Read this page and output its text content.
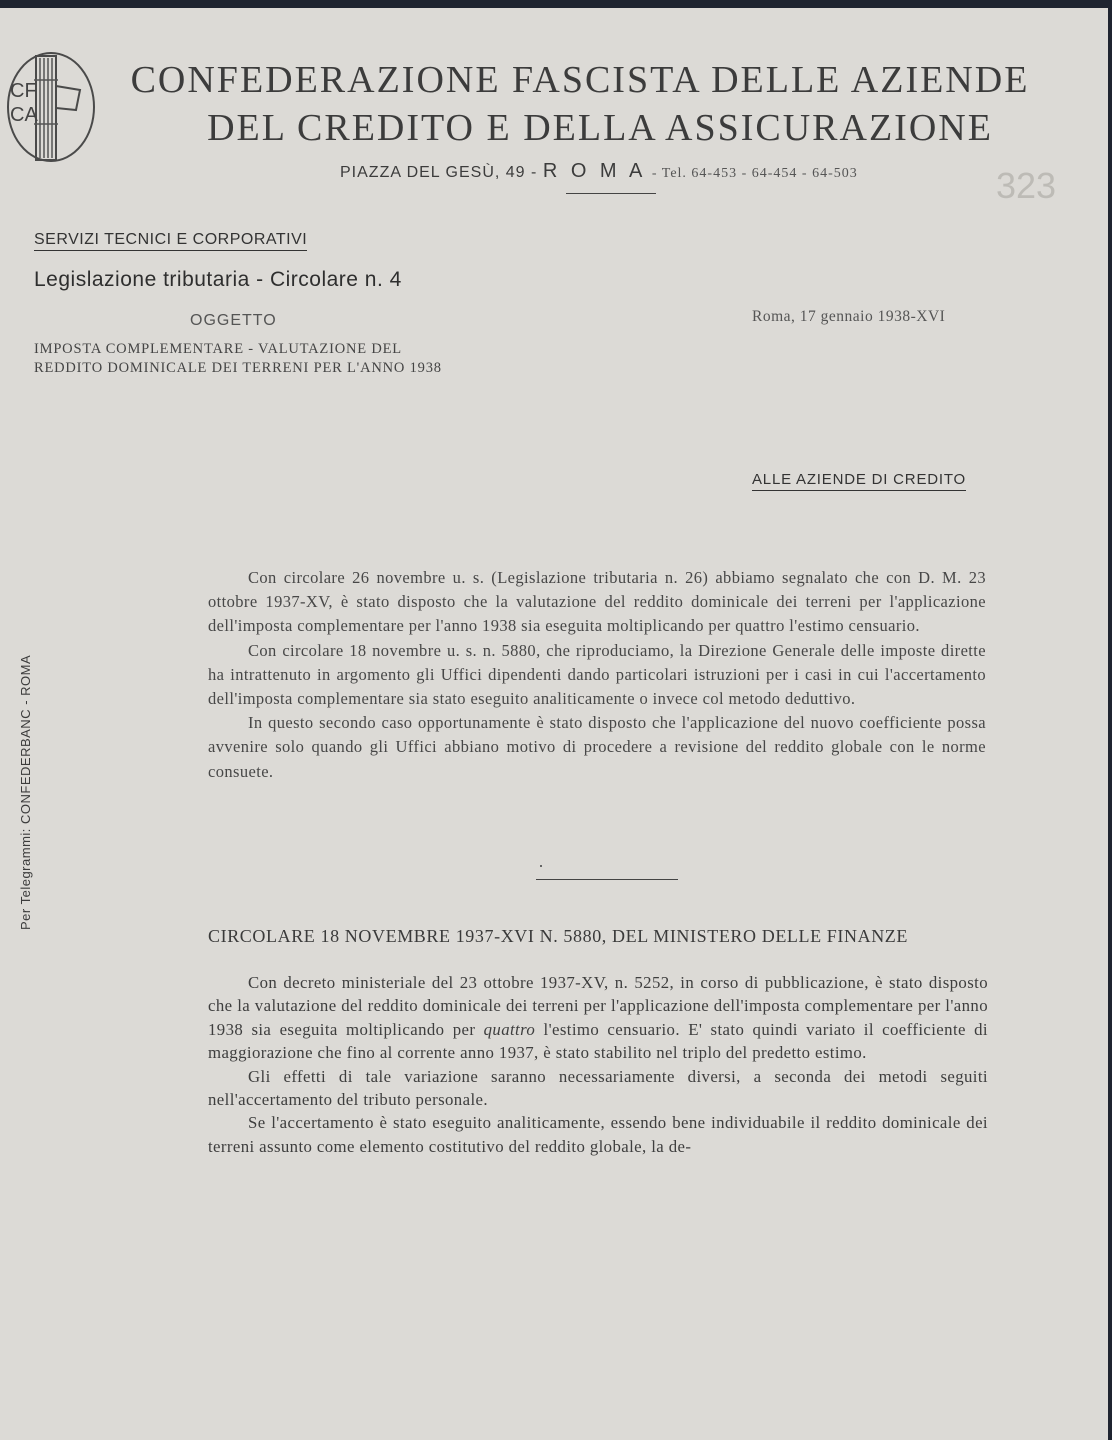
CF
CA
CONFEDERAZIONE FASCISTA DELLE AZIENDE
DEL CREDITO E DELLA ASSICURAZIONE
PIAZZA DEL GESÙ, 49 - R O M A - Tel. 64-453 - 64-454 - 64-503	323
SERVIZI TECNICI E CORPORATIVI
Legislazione tributaria - Circolare n. 4
OGGETTO
IMPOSTA COMPLEMENTARE - VALUTAZIONE DEL REDDITO DOMINICALE DEI TERRENI PER L'ANNO 1938
Roma, 17 gennaio 1938-XVI
ALLE AZIENDE DI CREDITO
Per Telegrammi: CONFEDERBANC - ROMA

Con circolare 26 novembre u. s. (Legislazione tributaria n. 26) abbiamo segnalato che con D. M. 23 ottobre 1937-XV, è stato disposto che la valutazione del reddito dominicale dei terreni per l'applicazione dell'imposta complementare per l'anno 1938 sia eseguita moltiplicando per quattro l'estimo censuario.

Con circolare 18 novembre u. s. n. 5880, che riproduciamo, la Direzione Generale delle imposte dirette ha intrattenuto in argomento gli Uffici dipendenti dando particolari istruzioni per i casi in cui l'accertamento dell'imposta complementare sia stato eseguito analiticamente o invece col metodo deduttivo.

In questo secondo caso opportunamente è stato disposto che l'applicazione del nuovo coefficiente possa avvenire solo quando gli Uffici abbiano motivo di procedere a revisione del reddito globale con le norme consuete.

CIRCOLARE 18 NOVEMBRE 1937-XVI N. 5880, DEL MINISTERO DELLE FINANZE

Con decreto ministeriale del 23 ottobre 1937-XV, n. 5252, in corso di pubblicazione, è stato disposto che la valutazione del reddito dominicale dei terreni per l'applicazione dell'imposta complementare per l'anno 1938 sia eseguita moltiplicando per quattro l'estimo censuario. E' stato quindi variato il coefficiente di maggiorazione che fino al corrente anno 1937, è stato stabilito nel triplo del predetto estimo.

Gli effetti di tale variazione saranno necessariamente diversi, a seconda dei metodi seguiti nell'accertamento del tributo personale.

Se l'accertamento è stato eseguito analiticamente, essendo bene individuabile il reddito dominicale dei terreni assunto come elemento costitutivo del reddito globale, la de-
